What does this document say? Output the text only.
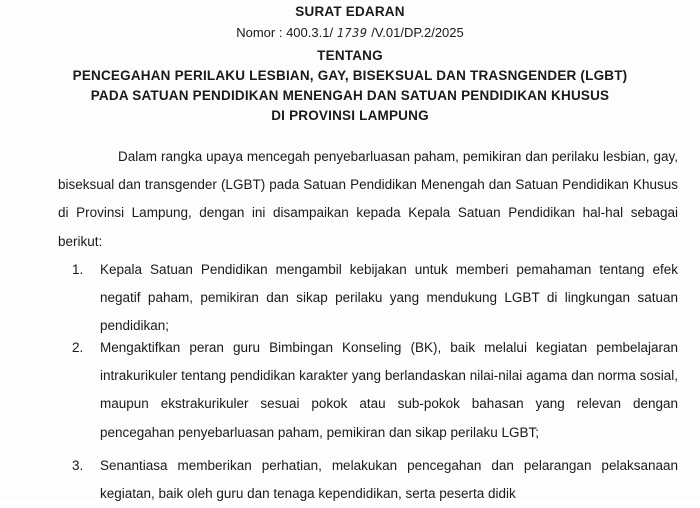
SURAT EDARAN
Nomor : 400.3.1/ 1739 /V.01/DP.2/2025
TENTANG
PENCEGAHAN PERILAKU LESBIAN, GAY, BISEKSUAL DAN TRASNGENDER (LGBT)
PADA SATUAN PENDIDIKAN MENENGAH DAN SATUAN PENDIDIKAN KHUSUS
DI PROVINSI LAMPUNG
Dalam rangka upaya mencegah penyebarluasan paham, pemikiran dan perilaku lesbian, gay, biseksual dan transgender (LGBT) pada Satuan Pendidikan Menengah dan Satuan Pendidikan Khusus di Provinsi Lampung, dengan ini disampaikan kepada Kepala Satuan Pendidikan hal-hal sebagai berikut:
1.	Kepala Satuan Pendidikan mengambil kebijakan untuk memberi pemahaman tentang efek negatif paham, pemikiran dan sikap perilaku yang mendukung LGBT di lingkungan satuan pendidikan;
2.	Mengaktifkan peran guru Bimbingan Konseling (BK), baik melalui kegiatan pembelajaran intrakurikuler tentang pendidikan karakter yang berlandaskan nilai-nilai agama dan norma sosial, maupun ekstrakurikuler sesuai pokok atau sub-pokok bahasan yang relevan dengan pencegahan penyebarluasan paham, pemikiran dan sikap perilaku LGBT;
3.	Senantiasa memberikan perhatian, melakukan pencegahan dan pelarangan pelaksanaan kegiatan, baik oleh guru dan tenaga kependidikan, serta peserta didik
